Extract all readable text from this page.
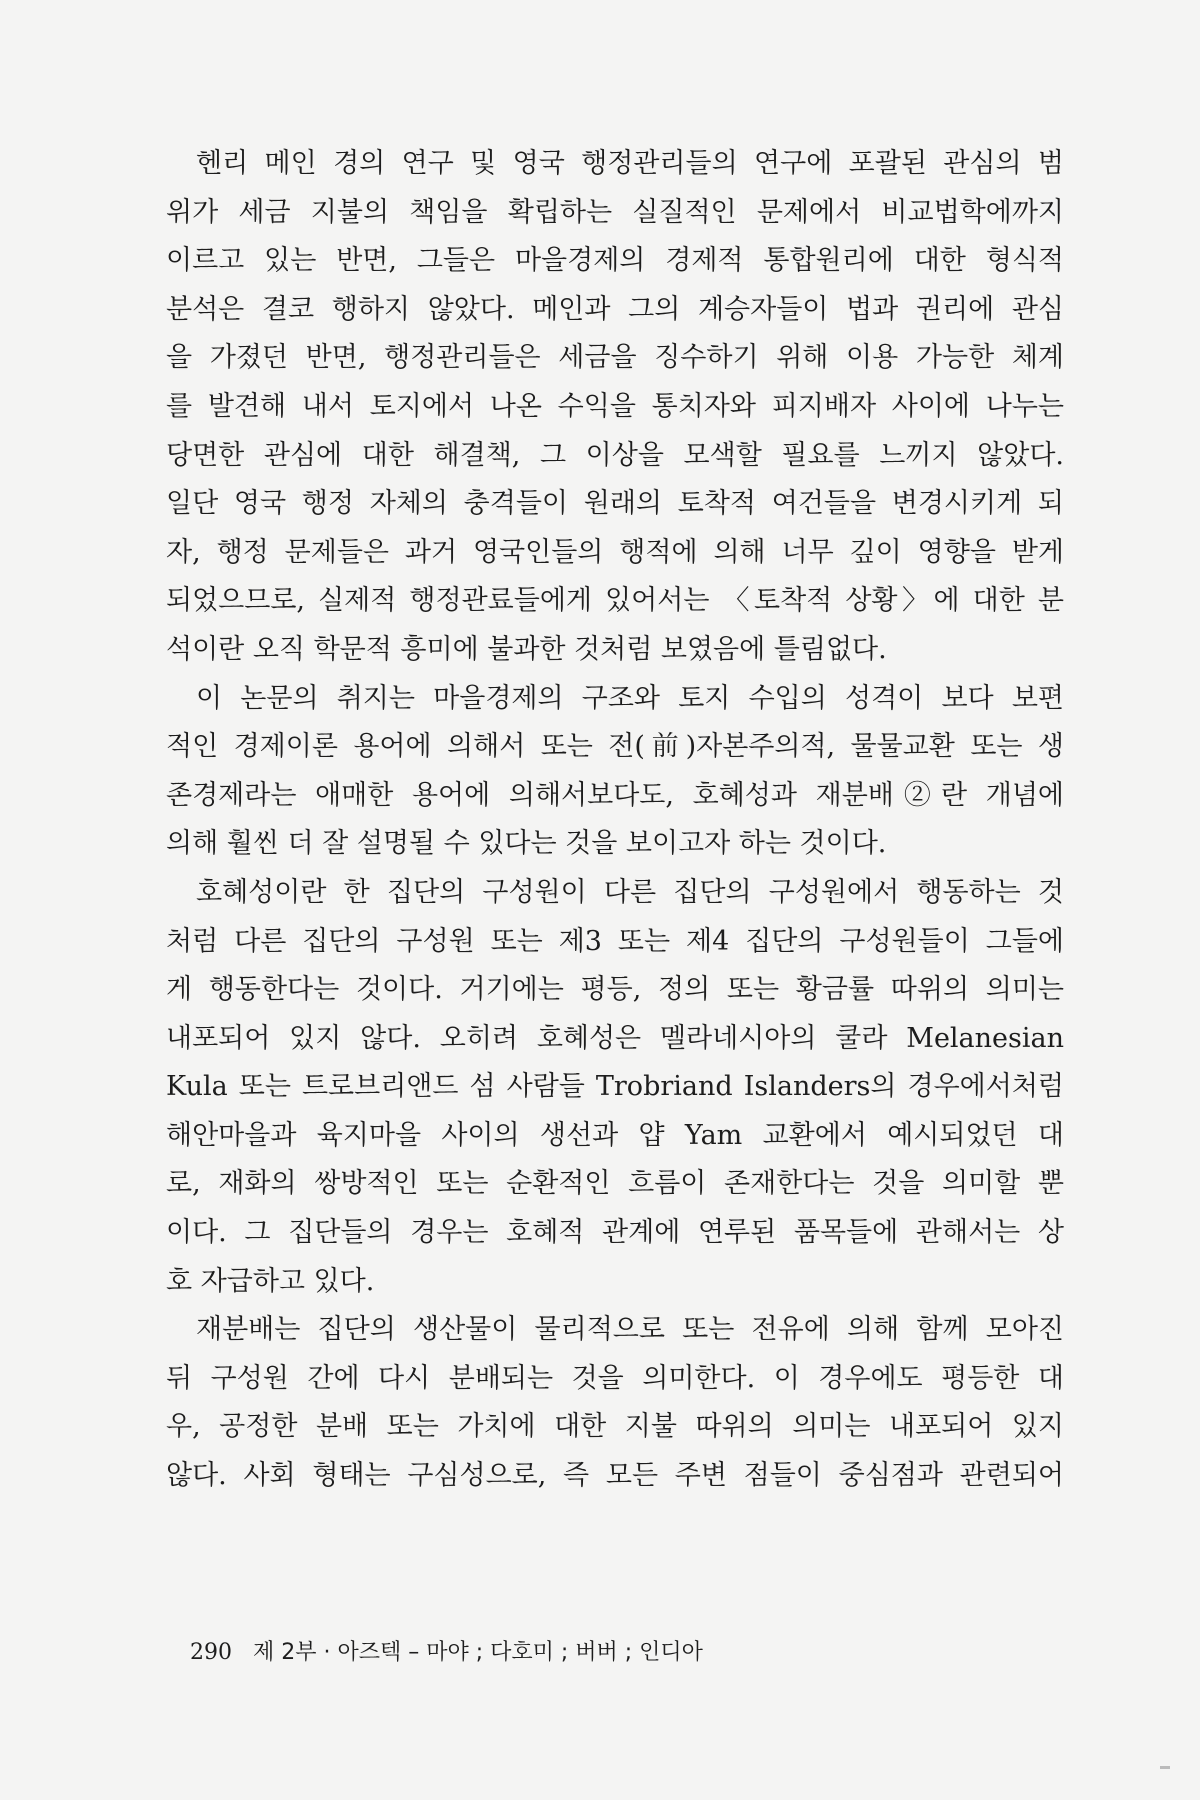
헨리 메인 경의 연구 및 영국 행정관리들의 연구에 포괄된 관심의 범
위가 세금 지불의 책임을 확립하는 실질적인 문제에서 비교법학에까지
이르고 있는 반면, 그들은 마을경제의 경제적 통합원리에 대한 형식적
분석은 결코 행하지 않았다. 메인과 그의 계승자들이 법과 권리에 관심
을 가졌던 반면, 행정관리들은 세금을 징수하기 위해 이용 가능한 체계
를 발견해 내서 토지에서 나온 수익을 통치자와 피지배자 사이에 나누는
당면한 관심에 대한 해결책, 그 이상을 모색할 필요를 느끼지 않았다.
일단 영국 행정 자체의 충격들이 원래의 토착적 여건들을 변경시키게 되
자, 행정 문제들은 과거 영국인들의 행적에 의해 너무 깊이 영향을 받게
되었으므로, 실제적 행정관료들에게 있어서는 〈토착적 상황〉에 대한 분
석이란 오직 학문적 흥미에 불과한 것처럼 보였음에 틀림없다.
이 논문의 취지는 마을경제의 구조와 토지 수입의 성격이 보다 보편
적인 경제이론 용어에 의해서 또는 전(前)자본주의적, 물물교환 또는 생
존경제라는 애매한 용어에 의해서보다도, 호혜성과 재분배②란 개념에
의해 훨씬 더 잘 설명될 수 있다는 것을 보이고자 하는 것이다.
호혜성이란 한 집단의 구성원이 다른 집단의 구성원에서 행동하는 것
처럼 다른 집단의 구성원 또는 제3 또는 제4 집단의 구성원들이 그들에
게 행동한다는 것이다. 거기에는 평등, 정의 또는 황금률 따위의 의미는
내포되어 있지 않다. 오히려 호혜성은 멜라네시아의 쿨라 Melanesian
Kula 또는 트로브리앤드 섬 사람들 Trobriand Islanders의 경우에서처럼
해안마을과 육지마을 사이의 생선과 얍 Yam 교환에서 예시되었던 대
로, 재화의 쌍방적인 또는 순환적인 흐름이 존재한다는 것을 의미할 뿐
이다. 그 집단들의 경우는 호혜적 관계에 연루된 품목들에 관해서는 상
호 자급하고 있다.
재분배는 집단의 생산물이 물리적으로 또는 전유에 의해 함께 모아진
뒤 구성원 간에 다시 분배되는 것을 의미한다. 이 경우에도 평등한 대
우, 공정한 분배 또는 가치에 대한 지불 따위의 의미는 내포되어 있지
않다. 사회 형태는 구심성으로, 즉 모든 주변 점들이 중심점과 관련되어
290 제 2부 · 아즈텍 – 마야 ; 다호미 ; 버버 ; 인디아
